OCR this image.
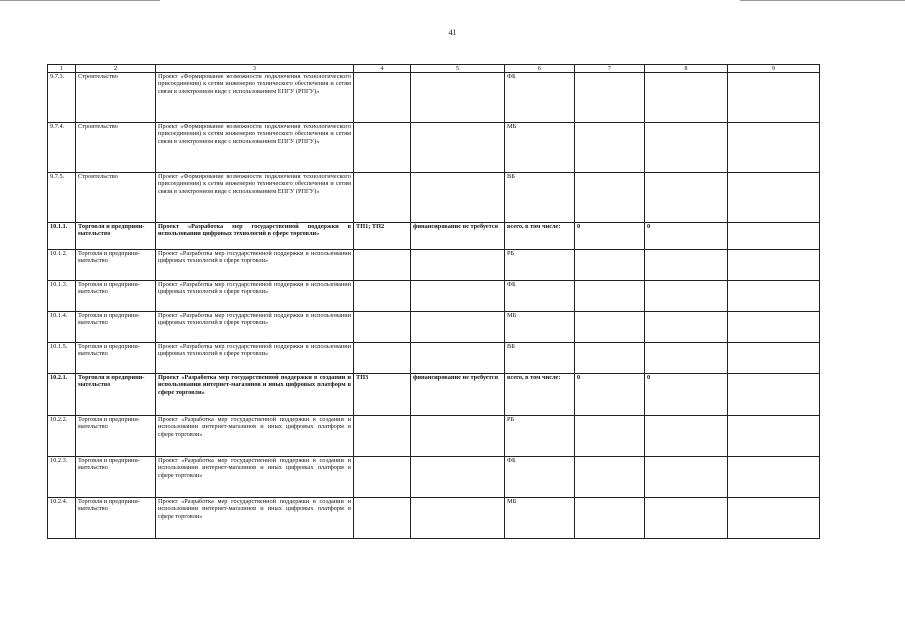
41
1	2	3	4	5	6	7	8	9
9.7.3.	Строительство	Проект «Формирование возможности подключения технологического присоединения) к сетям инженерно технического обеспечения и сетям связи в электронном виде с использованием ЕПГУ (РПГУ)»			ФБ			
9.7.4.	Строительство	Проект «Формирование возможности подключения технологического присоединения) к сетям инженерно технического обеспечения и сетям связи в электронном виде с использованием ЕПГУ (РПГУ)»			МБ			
9.7.5.	Строительство	Проект «Формирование возможности подключения технологического присоединения) к сетям инженерно технического обеспечения и сетям связи в электронном виде с использованием ЕПГУ (РПГУ)»			ВБ			
10.1.1.	Торговля и предприни-мательство	Проект «Разработка мер государственной поддержки в использовании цифровых технологий в сфере торговли»	ТП1; ТП2	финансирование не требуется	всего, в том числе:	0	0	
10.1.2.	Торговля и предприни-мательство	Проект «Разработка мер государственной поддержки в использовании цифровых технологий в сфере торговли»			РБ			
10.1.3.	Торговля и предприни-мательство	Проект «Разработка мер государственной поддержки в использовании цифровых технологий в сфере торговли»			ФБ			
10.1.4.	Торговля и предприни-мательство	Проект «Разработка мер государственной поддержки в использовании цифровых технологий в сфере торговли»			МБ			
10.1.5.	Торговля и предприни-мательство	Проект «Разработка мер государственной поддержки в использовании цифровых технологий в сфере торговли»			ВБ			
10.2.1.	Торговля и предприни-мательство	Проект «Разработка мер государственной поддержки в создании и использовании интернет-магазинов и иных цифровых платформ в сфере торговли»	ТП3	финансирование не требуется	всего, в том числе:	0	0	
10.2.2.	Торговля и предприни-мательство	Проект «Разработка мер государственной поддержки в создании и использовании интернет-магазинов и иных цифровых платформ в сфере торговли»			РБ			
10.2.3.	Торговля и предприни-мательство	Проект «Разработка мер государственной поддержки в создании и использовании интернет-магазинов и иных цифровых платформ в сфере торговли»			ФБ			
10.2.4.	Торговля и предприни-мательство	Проект «Разработка мер государственной поддержки в создании и использовании интернет-магазинов и иных цифровых платформ в сфере торговли»			МБ			
